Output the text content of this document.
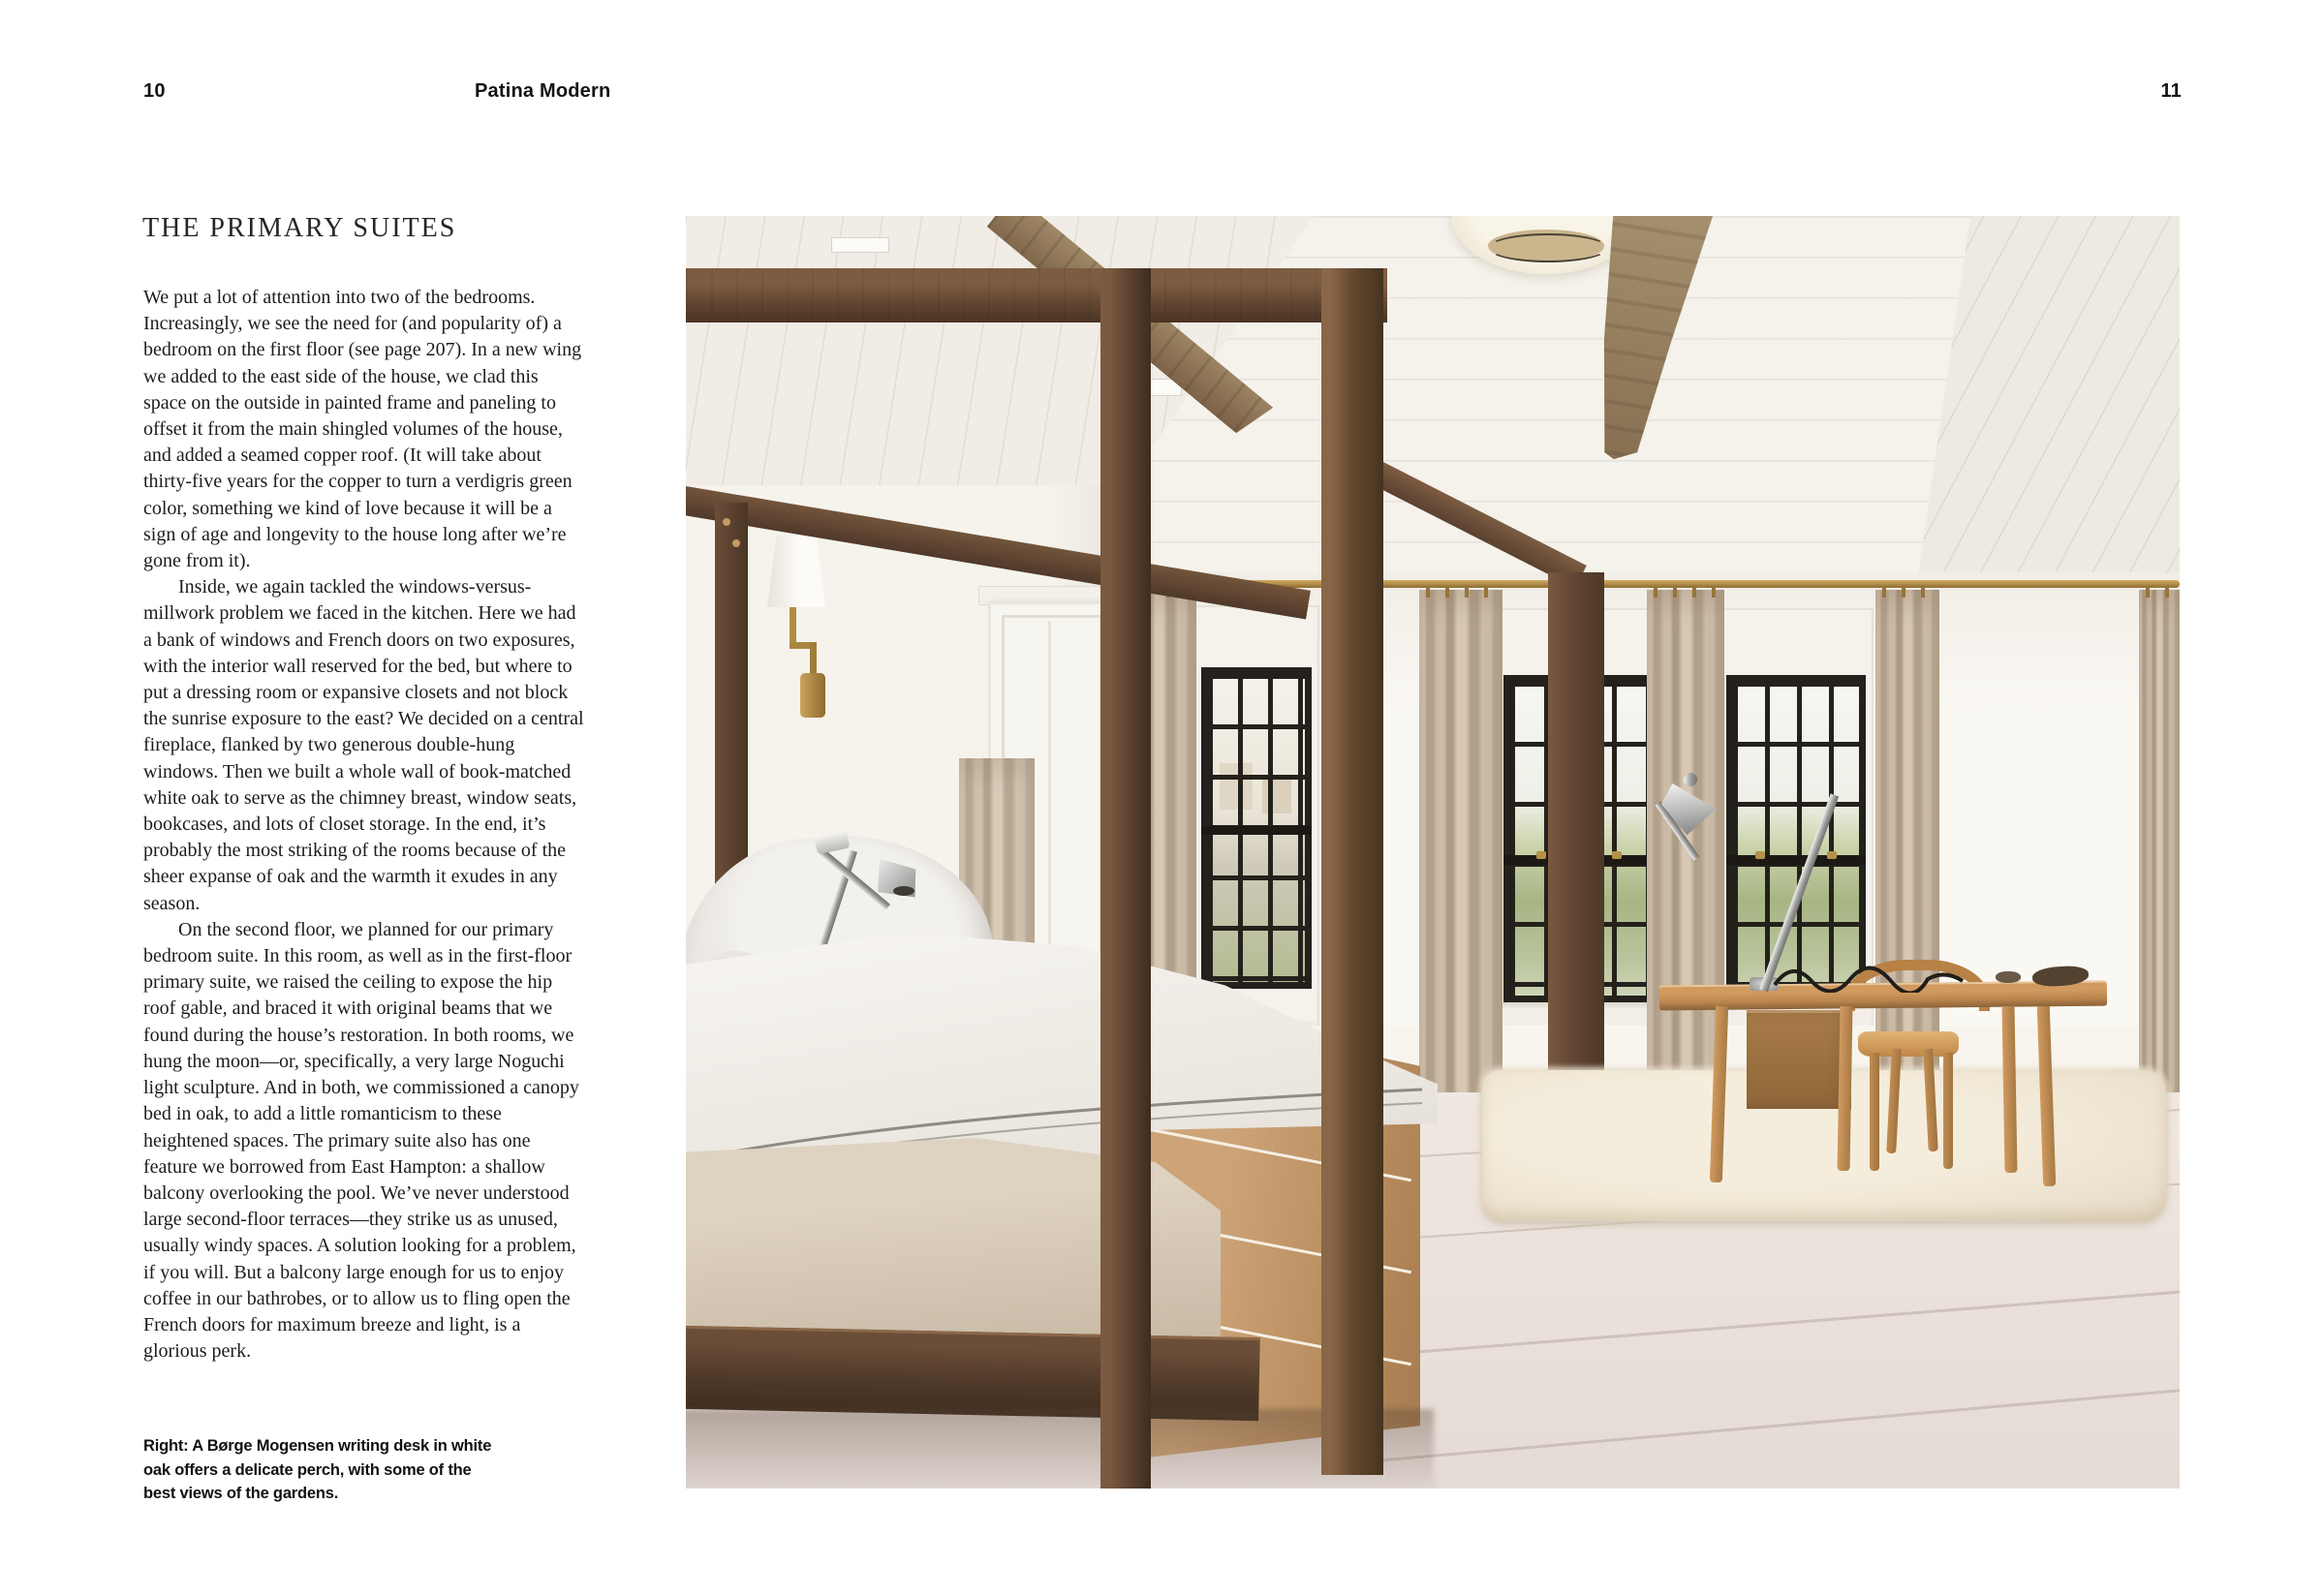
10	Patina Modern	11
THE PRIMARY SUITES

We put a lot of attention into two of the bedrooms. Increasingly, we see the need for (and popularity of) a bedroom on the first floor (see page 207). In a new wing we added to the east side of the house, we clad this space on the outside in painted frame and paneling to offset it from the main shingled volumes of the house, and added a seamed copper roof. (It will take about thirty-five years for the copper to turn a verdigris green color, something we kind of love because it will be a sign of age and longevity to the house long after we’re gone from it).

Inside, we again tackled the windows-versus-millwork problem we faced in the kitchen. Here we had a bank of windows and French doors on two exposures, with the interior wall reserved for the bed, but where to put a dressing room or expansive closets and not block the sunrise exposure to the east? We decided on a central fireplace, flanked by two generous double-hung windows. Then we built a whole wall of book-matched white oak to serve as the chimney breast, window seats, bookcases, and lots of closet storage. In the end, it’s probably the most striking of the rooms because of the sheer expanse of oak and the warmth it exudes in any season.

On the second floor, we planned for our primary bedroom suite. In this room, as well as in the first-floor primary suite, we raised the ceiling to expose the hip roof gable, and braced it with original beams that we found during the house’s restoration. In both rooms, we hung the moon—or, specifically, a very large Noguchi light sculpture. And in both, we commissioned a canopy bed in oak, to add a little romanticism to these heightened spaces. The primary suite also has one feature we borrowed from East Hampton: a shallow balcony overlooking the pool. We’ve never understood large second-floor terraces—they strike us as unused, usually windy spaces. A solution looking for a problem, if you will. But a balcony large enough for us to enjoy coffee in our bathrobes, or to allow us to fling open the French doors for maximum breeze and light, is a glorious perk.

Right: A Børge Mogensen writing desk in white oak offers a delicate perch, with some of the best views of the gardens.
